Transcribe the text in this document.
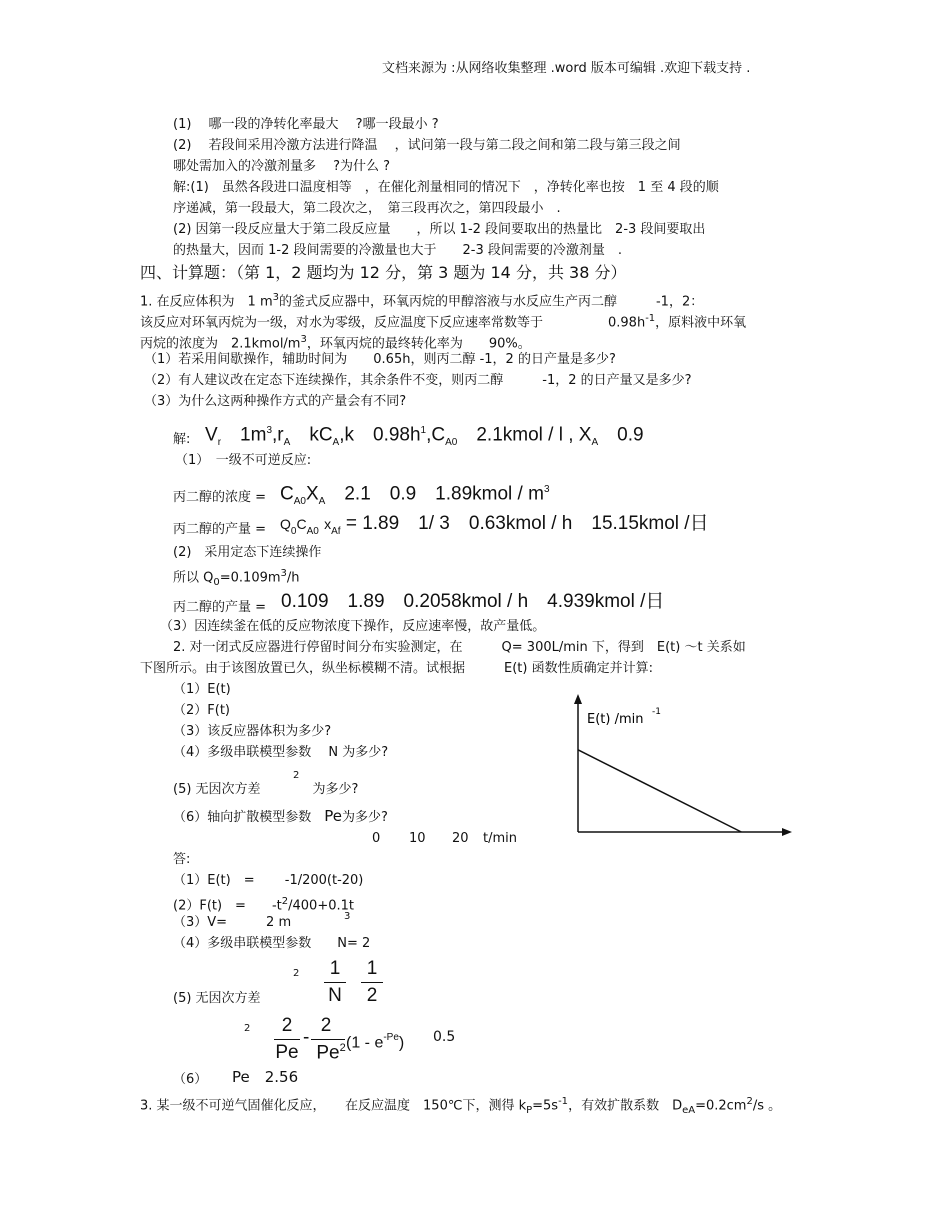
文档来源为 :从网络收集整理 .word 版本可编辑 .欢迎下载支持 .
(1)　 哪一段的净转化率最大　 ?哪一段最小 ?
(2)　 若段间采用冷激方法进行降温　 ，试问第一段与第二段之间和第二段与第三段之间
哪处需加入的冷激剂量多　 ?为什么 ?
解:(1)　虽然各段进口温度相等　，在催化剂量相同的情况下　，净转化率也按　1 至 4 段的顺
序递减，第一段最大，第二段次之，　第三段再次之，第四段最小　.
(2) 因第一段反应量大于第二段反应量　　，所以 1-2 段间要取出的热量比　2-3 段间要取出
的热量大，因而 1-2 段间需要的冷激量也大于　　2-3 段间需要的冷激剂量　.
四、计算题：（第 1，2 题均为 12 分，第 3 题为 14 分，共 38 分）
1. 在反应体积为　1 $m^3$的釜式反应器中，环氧丙烷的甲醇溶液与水反应生产丙二醇　　　-1，2：
该反应对环氧丙烷为一级，对水为零级，反应温度下反应速率常数等于　　　　　$0.98h^{-1}$，原料液中环氧
丙烷的浓度为　$2.1kmol/m^3$，环氧丙烷的最终转化率为　　90%。
（1）若采用间歇操作，辅助时间为　　0.65h，则丙二醇 -1，2 的日产量是多少?
（2）有人建议改在定态下连续操作，其余条件不变，则丙二醇　　　-1，2 的日产量又是多少?
（3）为什么这两种操作方式的产量会有不同?
解: $V_r$　 $1m^3,r_A$　 $kC_A,k$　$0.98h^1,C_{A0}$　 2.1kmol / l , $X_A$　 0.9
（1）　一级不可逆反应:
丙二醇的浓度 = $C_{A0}X_A$　 2.1　0.9　1.89kmol / $m^3$
丙二醇的产量 = $Q_0C_{A0}$ $x_{Af} = 1.89$　1/ 3　0.63kmol / h　15.15kmol /日
(2)　采用定态下连续操作
所以 $Q_0=0.109m^3/h$
丙二醇的产量 = 0.109　1.89　0.2058kmol / h　4.939kmol /日
（3）因连续釜在低的反应物浓度下操作，反应速率慢，故产量低。
2. 对一闭式反应器进行停留时间分布实验测定，在　　　Q= 300L/min 下，得到　E(t) ～t 关系如
下图所示。由于该图放置已久，纵坐标模糊不清。试根据　　　E(t) 函数性质确定并计算:
（1）E(t)
（2）F(t)
（3）该反应器体积为多少?
（4）多级串联模型参数　 N 为多少?
2
(5) 无因次方差　　　　为多少?
（6）轴向扩散模型参数　 Pe为多少?
E(t) /min -1
0 10 20 t/min
答:
（1）E(t)　=　　 -1/200(t-20)
(2）F(t)　=　　$-t^2/400+0.1t$
（3）V=　　　2 m	3
（4）多级串联模型参数　　N= 2
2
(5) 无因次方差
1
N
1
2
2	2
Pe
-
2
Pe$^2$ $(1 - e^{-Pe})$ 0.5
（6） Pe　2.56
3. 某一级不可逆气固催化反应，　　在反应温度　150℃下，测得 $k_P=5s^{-1}$，有效扩散系数　$D_{eA}=0.2cm^2/s$ 。
